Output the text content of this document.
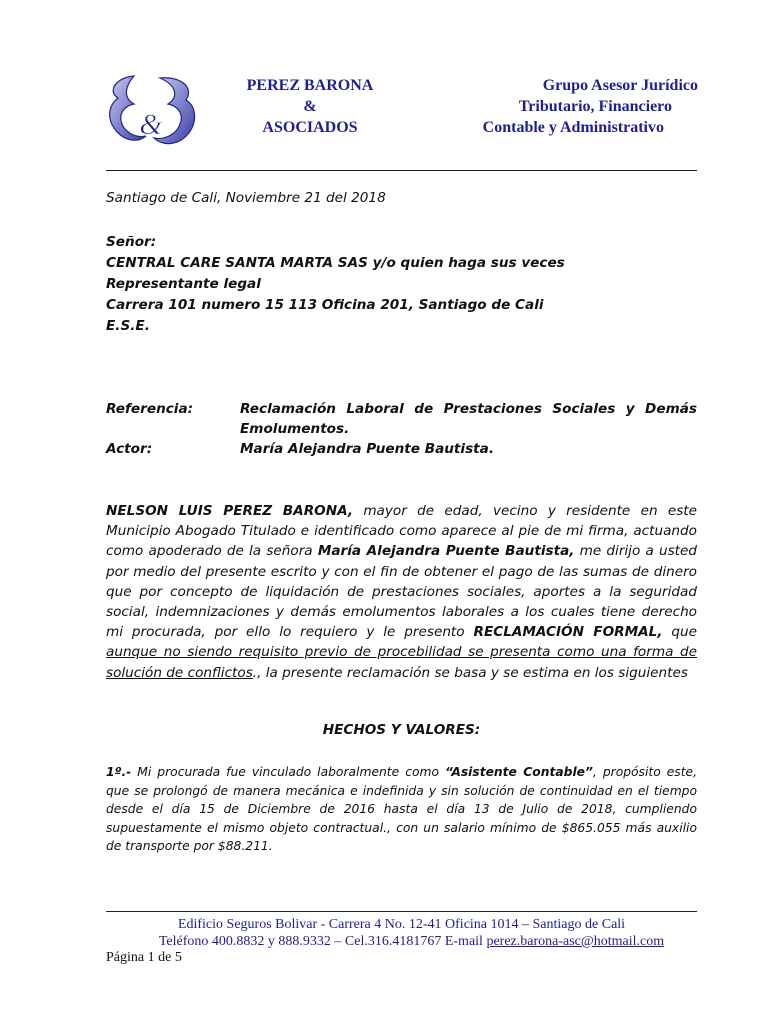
&
PEREZ BARONA
&
ASOCIADOS
Grupo Asesor Jurídico
Tributario, Financiero
Contable y Administrativo
Santiago de Cali, Noviembre 21 del 2018
Señor:
CENTRAL CARE SANTA MARTA SAS y/o quien haga sus veces
Representante legal
Carrera 101 numero 15 113 Oficina 201, Santiago de Cali
E.S.E.
Referencia:	Reclamación Laboral de Prestaciones Sociales y Demás Emolumentos.
Actor:	María Alejandra Puente Bautista.
NELSON LUIS PEREZ BARONA, mayor de edad, vecino y residente en este Municipio Abogado Titulado e identificado como aparece al pie de mi firma, actuando como apoderado de la señora María Alejandra Puente Bautista, me dirijo a usted por medio del presente escrito y con el fin de obtener el pago de las sumas de dinero que por concepto de liquidación de prestaciones sociales, aportes a la seguridad social, indemnizaciones y demás emolumentos laborales a los cuales tiene derecho mi procurada, por ello lo requiero y le presento RECLAMACIÓN FORMAL, que aunque no siendo requisito previo de procebilidad se presenta como una forma de solución de conflictos., la presente reclamación se basa y se estima en los siguientes
HECHOS Y VALORES:
1º.- Mi procurada fue vinculado laboralmente como “Asistente Contable”, propósito este, que se prolongó de manera mecánica e indefinida y sin solución de continuidad en el tiempo desde el día 15 de Diciembre de 2016 hasta el día 13 de Julio de 2018, cumpliendo supuestamente el mismo objeto contractual., con un salario mínimo de $865.055 más auxilio de transporte por $88.211.
Edificio Seguros Bolivar - Carrera 4 No. 12-41 Oficina 1014 – Santiago de Cali
Teléfono 400.8832 y 888.9332 – Cel.316.4181767 E-mail perez.barona-asc@hotmail.com
Página 1 de 5
